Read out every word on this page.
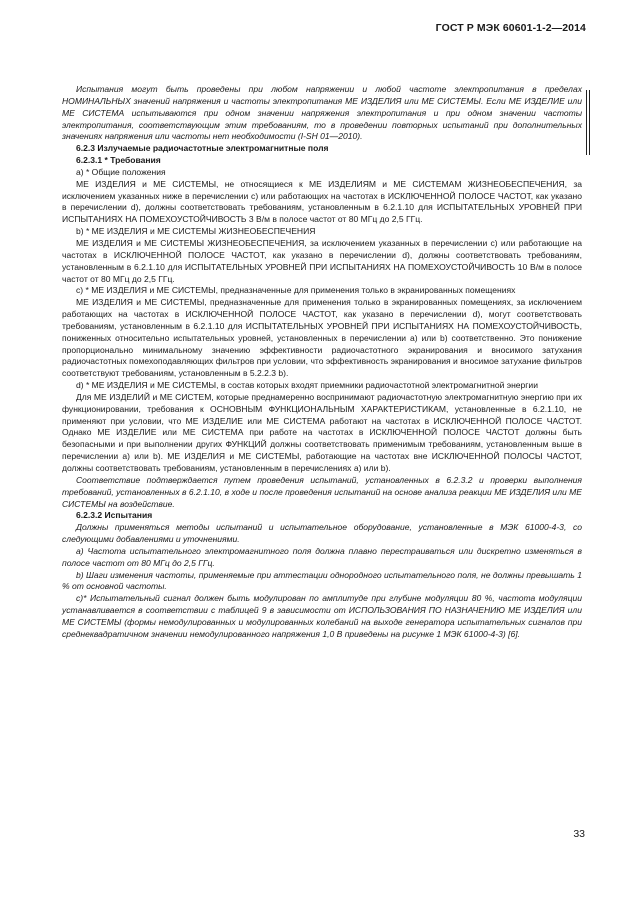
ГОСТ Р МЭК 60601-1-2—2014

Испытания могут быть проведены при любом напряжении и любой частоте электропитания в пределах НОМИНАЛЬНЫХ значений напряжения и частоты электропитания МЕ ИЗДЕЛИЯ или МЕ СИСТЕМЫ. Если МЕ ИЗДЕЛИЕ или МЕ СИСТЕМА испытываются при одном значении напряжения электропитания и при одном значении частоты электропитания, соответствующим этим требованиям, то в проведении повторных испытаний при дополнительных значениях напряжения или частоты нет необходимости (I-SH 01—2010).

6.2.3 Излучаемые радиочастотные электромагнитные поля

6.2.3.1 * Требования

а) * Общие положения

МЕ ИЗДЕЛИЯ и МЕ СИСТЕМЫ, не относящиеся к МЕ ИЗДЕЛИЯМ и МЕ СИСТЕМАМ ЖИЗНЕОБЕСПЕЧЕНИЯ, за исключением указанных ниже в перечислении с) или работающих на частотах в ИСКЛЮЧЕННОЙ ПОЛОСЕ ЧАСТОТ, как указано в перечислении d), должны соответствовать требованиям, установленным в 6.2.1.10 для ИСПЫТАТЕЛЬНЫХ УРОВНЕЙ ПРИ ИСПЫТАНИЯХ НА ПОМЕХОУСТОЙЧИВОСТЬ 3 В/м в полосе частот от 80 МГц до 2,5 ГГц.

b) * МЕ ИЗДЕЛИЯ и МЕ СИСТЕМЫ ЖИЗНЕОБЕСПЕЧЕНИЯ

МЕ ИЗДЕЛИЯ и МЕ СИСТЕМЫ ЖИЗНЕОБЕСПЕЧЕНИЯ, за исключением указанных в перечислении с) или работающие на частотах в ИСКЛЮЧЕННОЙ ПОЛОСЕ ЧАСТОТ, как указано в перечислении d), должны соответствовать требованиям, установленным в 6.2.1.10 для ИСПЫТАТЕЛЬНЫХ УРОВНЕЙ ПРИ ИСПЫТАНИЯХ НА ПОМЕХОУСТОЙЧИВОСТЬ 10 В/м в полосе частот от 80 МГц до 2,5 ГГц.

с) * МЕ ИЗДЕЛИЯ и МЕ СИСТЕМЫ, предназначенные для применения только в экранированных помещениях

МЕ ИЗДЕЛИЯ и МЕ СИСТЕМЫ, предназначенные для применения только в экранированных помещениях, за исключением работающих на частотах в ИСКЛЮЧЕННОЙ ПОЛОСЕ ЧАСТОТ, как указано в перечислении d), могут соответствовать требованиям, установленным в 6.2.1.10 для ИСПЫТАТЕЛЬНЫХ УРОВНЕЙ ПРИ ИСПЫТАНИЯХ НА ПОМЕХОУСТОЙЧИВОСТЬ, пониженных относительно испытательных уровней, установленных в перечислении а) или b) соответственно. Это понижение пропорционально минимальному значению эффективности радиочастотного экранирования и вносимого затухания радиочастотных помехоподавляющих фильтров при условии, что эффективность экранирования и вносимое затухание фильтров соответствуют требованиям, установленным в 5.2.2.3 b).

d) * МЕ ИЗДЕЛИЯ и МЕ СИСТЕМЫ, в состав которых входят приемники радиочастотной электромагнитной энергии

Для МЕ ИЗДЕЛИЙ и МЕ СИСТЕМ, которые преднамеренно воспринимают радиочастотную электромагнитную энергию при их функционировании, требования к ОСНОВНЫМ ФУНКЦИОНАЛЬНЫМ ХАРАКТЕРИСТИКАМ, установленные в 6.2.1.10, не применяют при условии, что МЕ ИЗДЕЛИЕ или МЕ СИСТЕМА работают на частотах в ИСКЛЮЧЕННОЙ ПОЛОСЕ ЧАСТОТ. Однако МЕ ИЗДЕЛИЕ или МЕ СИСТЕМА при работе на частотах в ИСКЛЮЧЕННОЙ ПОЛОСЕ ЧАСТОТ должны быть безопасными и при выполнении других ФУНКЦИЙ должны соответствовать применимым требованиям, установленным выше в перечислении а) или b). МЕ ИЗДЕЛИЯ и МЕ СИСТЕМЫ, работающие на частотах вне ИСКЛЮЧЕННОЙ ПОЛОСЫ ЧАСТОТ, должны соответствовать требованиям, установленным в перечислениях а) или b).

Соответствие подтверждается путем проведения испытаний, установленных в 6.2.3.2 и проверки выполнения требований, установленных в 6.2.1.10, в ходе и после проведения испытаний на основе анализа реакции МЕ ИЗДЕЛИЯ или МЕ СИСТЕМЫ на воздействие.

6.2.3.2 Испытания

Должны применяться методы испытаний и испытательное оборудование, установленные в МЭК 61000-4-3, со следующими добавлениями и уточнениями.

а) Частота испытательного электромагнитного поля должна плавно перестраиваться или дискретно изменяться в полосе частот от 80 МГц до 2,5 ГГц.

b) Шаги изменения частоты, применяемые при аттестации однородного испытательного поля, не должны превышать 1 % от основной частоты.

с)* Испытательный сигнал должен быть модулирован по амплитуде при глубине модуляции 80 %, частота модуляции устанавливается в соответствии с таблицей 9 в зависимости от ИСПОЛЬЗОВАНИЯ ПО НАЗНАЧЕНИЮ МЕ ИЗДЕЛИЯ или МЕ СИСТЕМЫ (формы немодулированных и модулированных колебаний на выходе генератора испытательных сигналов при среднеквадратичном значении немодулированного напряжения 1,0 В приведены на рисунке 1 МЭК 61000-4-3) [6].

33
